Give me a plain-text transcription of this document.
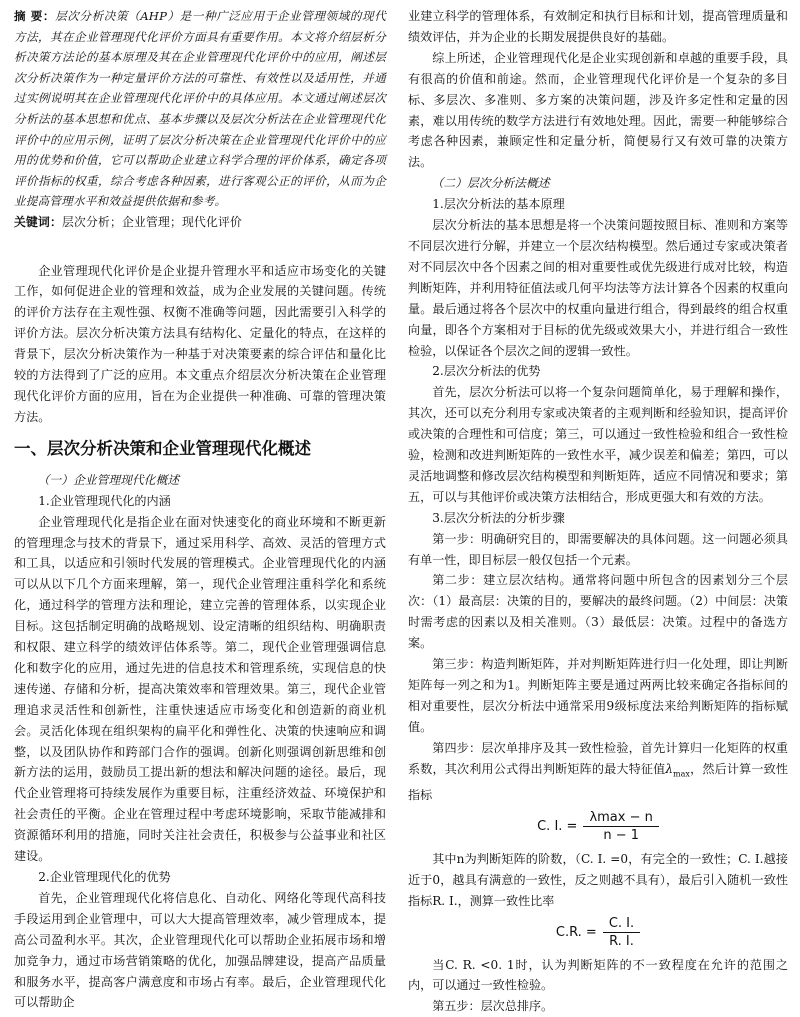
摘 要：层次分析决策（AHP）是一种广泛应用于企业管理领域的现代方法，其在企业管理现代化评价方面具有重要作用。本文将介绍层析分析决策方法论的基本原理及其在企业管理现代化评价中的应用，阐述层次分析决策作为一种定量评价方法的可靠性、有效性以及适用性，并通过实例说明其在企业管理现代化评价中的具体应用。本文通过阐述层次分析法的基本思想和优点、基本步骤以及层次分析法在企业管理现代化评价中的应用示例，证明了层次分析决策在企业管理现代化评价中的应用的优势和价值，它可以帮助企业建立科学合理的评价体系，确定各项评价指标的权重，综合考虑各种因素，进行客观公正的评价，从而为企业提高管理水平和效益提供依据和参考。

关键词：层次分析；企业管理；现代化评价

企业管理现代化评价是企业提升管理水平和适应市场变化的关键工作，如何促进企业的管理和效益，成为企业发展的关键问题。传统的评价方法存在主观性强、权衡不准确等问题，因此需要引入科学的评价方法。层次分析决策方法具有结构化、定量化的特点，在这样的背景下，层次分析决策作为一种基于对决策要素的综合评估和量化比较的方法得到了广泛的应用。本文重点介绍层次分析决策在企业管理现代化评价方面的应用，旨在为企业提供一种准确、可靠的管理决策方法。

一、层次分析决策和企业管理现代化概述

（一）企业管理现代化概述

1.企业管理现代化的内涵

企业管理现代化是指企业在面对快速变化的商业环境和不断更新的管理理念与技术的背景下，通过采用科学、高效、灵活的管理方式和工具，以适应和引领时代发展的管理模式。企业管理现代化的内涵可以从以下几个方面来理解，第一，现代企业管理注重科学化和系统化，通过科学的管理方法和理论，建立完善的管理体系，以实现企业目标。这包括制定明确的战略规划、设定清晰的组织结构、明确职责和权限、建立科学的绩效评估体系等。第二，现代企业管理强调信息化和数字化的应用，通过先进的信息技术和管理系统，实现信息的快速传递、存储和分析，提高决策效率和管理效果。第三，现代企业管理追求灵活性和创新性，注重快速适应市场变化和创造新的商业机会。灵活化体现在组织架构的扁平化和弹性化、决策的快速响应和调整，以及团队协作和跨部门合作的强调。创新化则强调创新思维和创新方法的运用，鼓励员工提出新的想法和解决问题的途径。最后，现代企业管理将可持续发展作为重要目标，注重经济效益、环境保护和社会责任的平衡。企业在管理过程中考虑环境影响，采取节能减排和资源循环利用的措施，同时关注社会责任，积极参与公益事业和社区建设。

2.企业管理现代化的优势

首先，企业管理现代化将信息化、自动化、网络化等现代高科技手段运用到企业管理中，可以大大提高管理效率，减少管理成本，提高公司盈利水平。其次，企业管理现代化可以帮助企业拓展市场和增加竞争力，通过市场营销策略的优化，加强品牌建设，提高产品质量和服务水平，提高客户满意度和市场占有率。最后，企业管理现代化可以帮助企

业建立科学的管理体系，有效制定和执行目标和计划，提高管理质量和绩效评估，并为企业的长期发展提供良好的基础。

综上所述，企业管理现代化是企业实现创新和卓越的重要手段，具有很高的价值和前途。然而，企业管理现代化评价是一个复杂的多目标、多层次、多准则、多方案的决策问题，涉及许多定性和定量的因素，难以用传统的数学方法进行有效地处理。因此，需要一种能够综合考虑各种因素，兼顾定性和定量分析，简便易行又有效可靠的决策方法。

（二）层次分析法概述

1.层次分析法的基本原理

层次分析法的基本思想是将一个决策问题按照目标、准则和方案等不同层次进行分解，并建立一个层次结构模型。然后通过专家或决策者对不同层次中各个因素之间的相对重要性或优先级进行成对比较，构造判断矩阵，并利用特征值法或几何平均法等方法计算各个因素的权重向量。最后通过将各个层次中的权重向量进行组合，得到最终的组合权重向量，即各个方案相对于目标的优先级或效果大小，并进行组合一致性检验，以保证各个层次之间的逻辑一致性。

2.层次分析法的优势

首先，层次分析法可以将一个复杂问题简单化，易于理解和操作，其次，还可以充分利用专家或决策者的主观判断和经验知识，提高评价或决策的合理性和可信度；第三，可以通过一致性检验和组合一致性检验，检测和改进判断矩阵的一致性水平，减少误差和偏差；第四，可以灵活地调整和修改层次结构模型和判断矩阵，适应不同情况和要求；第五，可以与其他评价或决策方法相结合，形成更强大和有效的方法。

3.层次分析法的分析步骤

第一步：明确研究目的，即需要解决的具体问题。这一问题必须具有单一性，即目标层一般仅包括一个元素。

第二步：建立层次结构。通常将问题中所包含的因素划分三个层次：（1）最高层：决策的目的，要解决的最终问题。（2）中间层：决策时需考虑的因素以及相关准则。（3）最低层：决策。过程中的备选方案。

第三步：构造判断矩阵，并对判断矩阵进行归一化处理，即让判断矩阵每一列之和为1。判断矩阵主要是通过两两比较来确定各指标间的相对重要性，层次分析法中通常采用9级标度法来给判断矩阵的指标赋值。

第四步：层次单排序及其一致性检验，首先计算归一化矩阵的权重系数，其次利用公式得出判断矩阵的最大特征值$\lambda_{max}$，然后计算一致性指标

C. I. = $\frac{\lambda\max - n}{n - 1}$

其中n为判断矩阵的阶数，（C. I. =0，有完全的一致性；C. I.越接近于0，越具有满意的一致性，反之则越不具有），最后引入随机一致性指标R. I.，测算一致性比率

C.R. = $\frac{C. I.}{R. I.}$

当C. R. <0. 1时，认为判断矩阵的不一致程度在允许的范围之内，可以通过一致性检验。

第五步：层次总排序。
